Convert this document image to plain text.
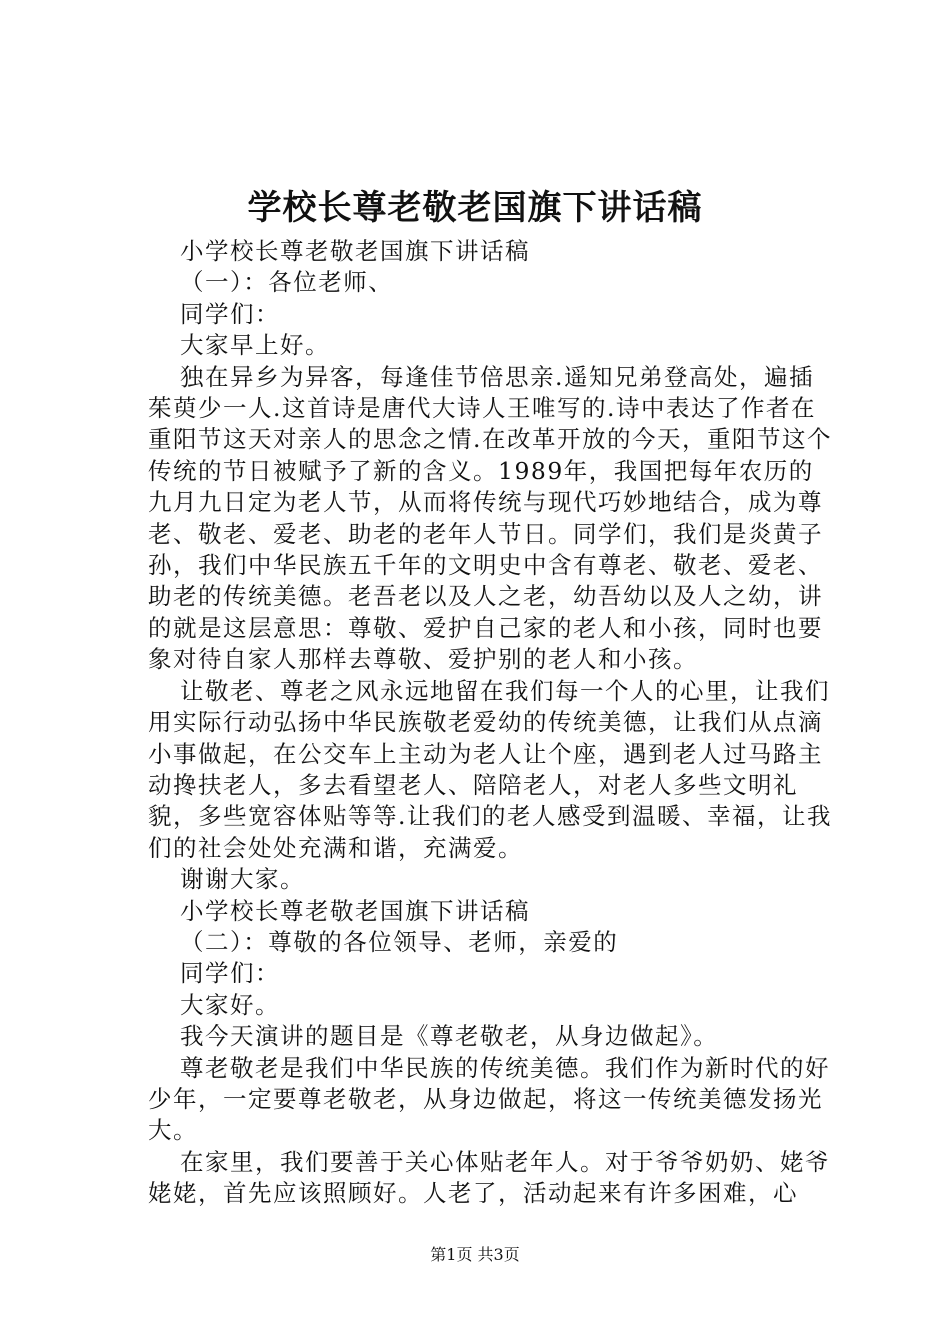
学校长尊老敬老国旗下讲话稿

小学校长尊老敬老国旗下讲话稿

（一）：各位老师、

同学们：

大家早上好。

独在异乡为异客，每逢佳节倍思亲.遥知兄弟登高处，遍插茱萸少一人.这首诗是唐代大诗人王唯写的.诗中表达了作者在重阳节这天对亲人的思念之情.在改革开放的今天，重阳节这个传统的节日被赋予了新的含义。1989年，我国把每年农历的九月九日定为老人节，从而将传统与现代巧妙地结合，成为尊老、敬老、爱老、助老的老年人节日。同学们，我们是炎黄子孙，我们中华民族五千年的文明史中含有尊老、敬老、爱老、助老的传统美德。老吾老以及人之老，幼吾幼以及人之幼，讲的就是这层意思：尊敬、爱护自己家的老人和小孩，同时也要象对待自家人那样去尊敬、爱护别的老人和小孩。

让敬老、尊老之风永远地留在我们每一个人的心里，让我们用实际行动弘扬中华民族敬老爱幼的传统美德，让我们从点滴小事做起，在公交车上主动为老人让个座，遇到老人过马路主动搀扶老人，多去看望老人、陪陪老人，对老人多些文明礼貌，多些宽容体贴等等.让我们的老人感受到温暖、幸福，让我们的社会处处充满和谐，充满爱。

谢谢大家。

小学校长尊老敬老国旗下讲话稿

（二）：尊敬的各位领导、老师，亲爱的

同学们：

大家好。

我今天演讲的题目是《尊老敬老，从身边做起》。

尊老敬老是我们中华民族的传统美德。我们作为新时代的好少年，一定要尊老敬老，从身边做起，将这一传统美德发扬光大。

在家里，我们要善于关心体贴老年人。对于爷爷奶奶、姥爷姥姥，首先应该照顾好。人老了，活动起来有许多困难，心

第1页 共3页
